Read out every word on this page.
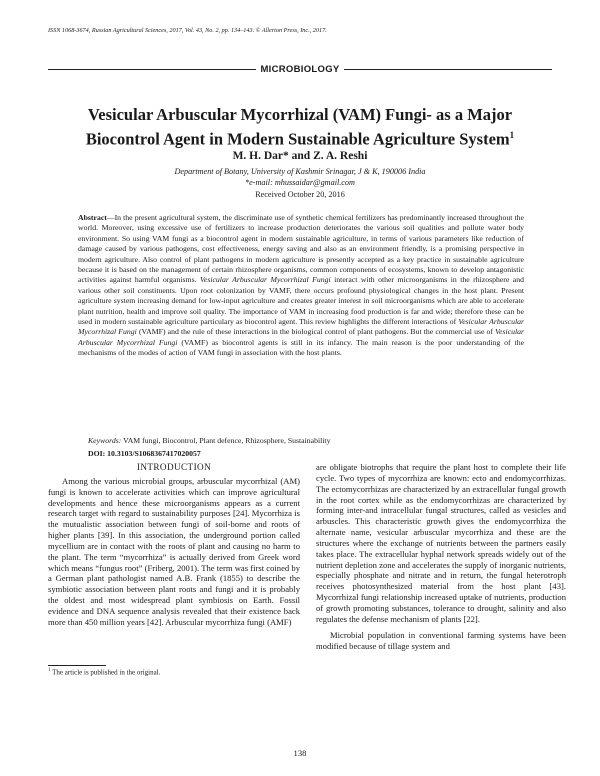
ISSN 1068-3674, Russian Agricultural Sciences, 2017, Vol. 43, No. 2, pp. 134–143. © Allerton Press, Inc., 2017.
MICROBIOLOGY
Vesicular Arbuscular Mycorrhizal (VAM) Fungi- as a Major Biocontrol Agent in Modern Sustainable Agriculture System$^1$
M. H. Dar* and Z. A. Reshi
Department of Botany, University of Kashmir Srinagar, J & K, 190006 India
*e-mail: mhussaidar@gmail.com
Received October 20, 2016
Abstract—In the present agricultural system, the discriminate use of synthetic chemical fertilizers has predominantly increased throughout the world. Moreover, using excessive use of fertilizers to increase production deteriorates the various soil qualities and pollute water body environment. So using VAM fungi as a biocontrol agent in modern sustainable agriculture, in terms of various parameters like reduction of damage caused by various pathogens, cost effectiveness, energy saving and also as an environment friendly, is a promising perspective in modern agriculture. Also control of plant pathogens in modern agriculture is presently accepted as a key practice in sustainable agriculture because it is based on the management of certain rhizosphere organisms, common components of ecosystems, known to develop antagonistic activities against harmful organisms. Vesicular Arbuscular Mycorrhizal Fungi interact with other microorganisms in the rhizosphere and various other soil constituents. Upon root colonization by VAMF, there occurs profound physiological changes in the host plant. Present agriculture system increasing demand for low-input agriculture and creates greater interest in soil microorganisms which are able to accelerate plant nutrition, health and improve soil quality. The importance of VAM in increasing food production is far and wide; therefore these can be used in modern sustainable agriculture particulary as biocontrol agent. This review highlights the different interactions of Vesicular Arbuscular Mycorrhizal Fungi (VAMF) and the rule of these interactions in the biological control of plant pathogens. But the commercial use of Vesicular Arbuscular Mycorrhizal Fungi (VAMF) as biocontrol agents is still in its infancy. The main reason is the poor understanding of the mechanisms of the modes of action of VAM fungi in association with the host plants.
Keywords: VAM fungi, Biocontrol, Plant defence, Rhizosphere, Sustainability
DOI: 10.3103/S1068367417020057
INTRODUCTION

Among the various microbial groups, arbuscular mycorrhizal (AM) fungi is known to accelerate activities which can improve agricultural developments and hence these microorganisms appears as a current research target with regard to sustainability purposes [24]. Mycorrhiza is the mutualistic association between fungi of soil-borne and roots of higher plants [39]. In this association, the underground portion called mycellium are in contact with the roots of plant and causing no harm to the plant. The term “mycorrhiza” is actually derived from Greek word which means “fungus root” (Friberg, 2001). The term was first coined by a German plant pathologist named A.B. Frank (1855) to describe the symbiotic association between plant roots and fungi and it is probably the oldest and most widespread plant symbiosis on Earth. Fossil evidence and DNA sequence analysis revealed that their existence back more than 450 million years [42]. Arbuscular mycorrhiza fungi (AMF)

are obligate biotrophs that require the plant host to complete their life cycle. Two types of mycorrhiza are known: ecto and endomycorrhizas. The ectomycorrhizas are characterized by an extracellular fungal growth in the root cortex while as the endomycorrhizas are characterized by forming inter-and intracellular fungal structures, called as vesicles and arbuscles. This characteristic growth gives the endomycorrhiza the alternate name, vesicular arbuscular mycorrhiza and these are the structures where the exchange of nutrients between the partners easily takes place. The extracellular hyphal network spreads widely out of the nutrient depletion zone and accelerates the supply of inorganic nutrients, especially phosphate and nitrate and in return, the fungal heterotroph receives photosynthesized material from the host plant [43]. Mycorrhizal fungi relationship increased uptake of nutrients, production of growth promoting substances, tolerance to drought, salinity and also regulates the defense mechanism of plants [22].

Microbial population in conventional farming systems have been modified because of tillage system and

$^1$ The article is published in the original.
138
